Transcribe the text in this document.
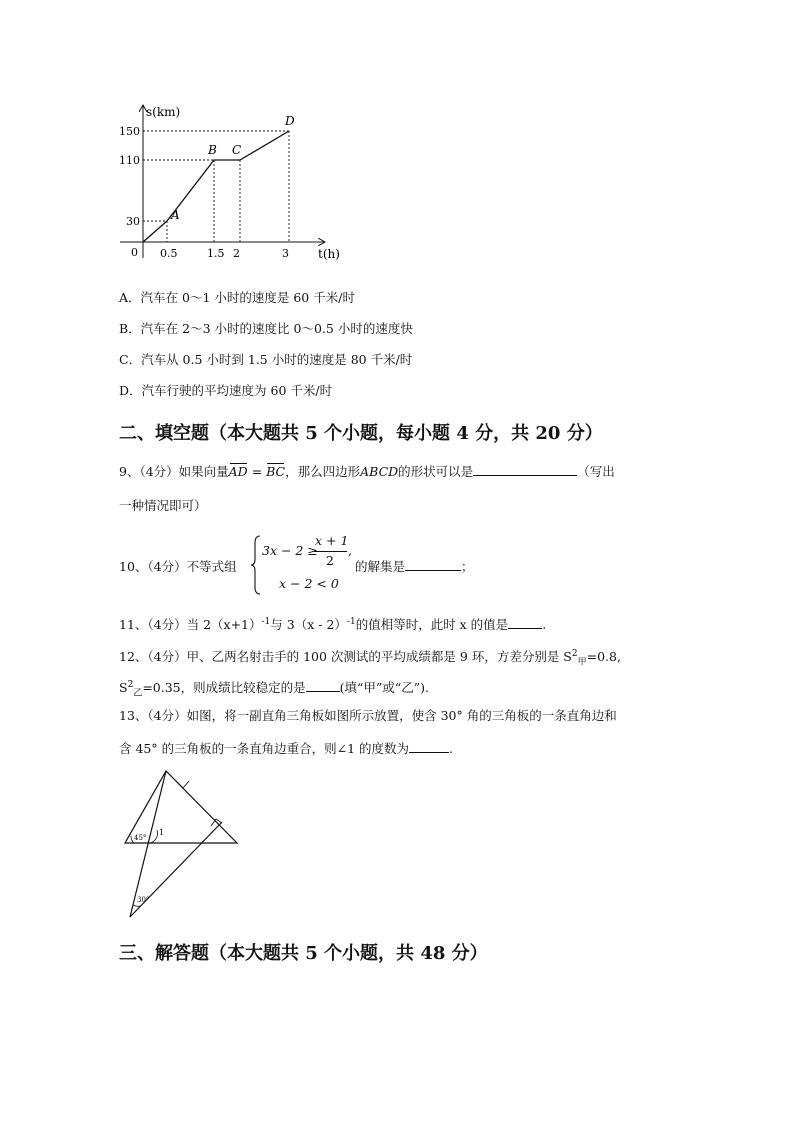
0.5	1.5 2	3
150
110
30	A
B C
D
s(km)
t(h)
0
A．汽车在 0～1 小时的速度是 60 千米/时
B．汽车在 2～3 小时的速度比 0～0.5 小时的速度快
C．汽车从 0.5 小时到 1.5 小时的速度是 80 千米/时
D．汽车行驶的平均速度为 60 千米/时
二、填空题（本大题共 5 个小题，每小题 4 分，共 20 分）
9、（4分）如果向量AD = BC，那么四边形ABCD的形状可以是	（写出
一种情况即可）
10、（4分）不等式组
3x − 2 ≥
x + 1
2
,
x − 2 < 0
的解集是	；
11、（4分）当 $2(x+1)^{-1}$与 3（x - 2）$^{-1}$的值相等时，此时 x 的值是	.
12、（4分）甲、乙两名射击手的 100 次测试的平均成绩都是 9 环，方差分别是 $S^2_甲=0.8$,
$S^2_乙=0.35$，则成绩比较稳定的是	(填“甲”或“乙”).
13、（4分）如图，将一副直角三角板如图所示放置，使含 30° 角的三角板的一条直角边和
含 45° 的三角板的一条直角边重合，则∠1 的度数为	.
45°
1
30°
三、解答题（本大题共 5 个小题，共 48 分）
